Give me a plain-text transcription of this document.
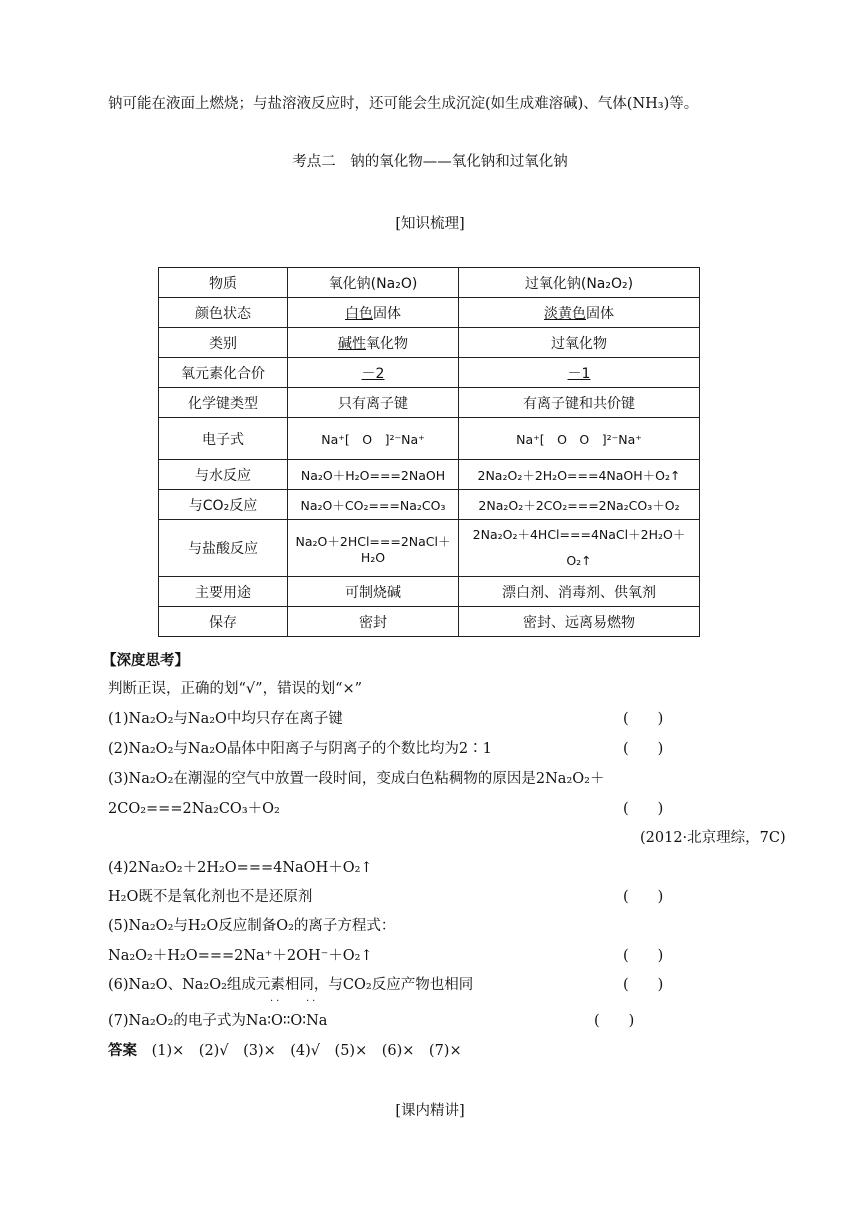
钠可能在液面上燃烧；与盐溶液反应时，还可能会生成沉淀(如生成难溶碱)、气体(NH₃)等。
考点二　钠的氧化物——氧化钠和过氧化钠
[知识梳理]
物质	氧化钠(Na₂O)	过氧化钠(Na₂O₂)
颜色状态	白色固体	淡黄色固体
类别	碱性氧化物	过氧化物
氧元素化合价	－2	－1
化学键类型	只有离子键	有离子键和共价键
电子式	Na⁺[　O　]²⁻Na⁺	Na⁺[　O　O　]²⁻Na⁺
与水反应	Na₂O＋H₂O===2NaOH	2Na₂O₂＋2H₂O===4NaOH＋O₂↑
与CO₂反应	Na₂O＋CO₂===Na₂CO₃	2Na₂O₂＋2CO₂===2Na₂CO₃＋O₂
与盐酸反应	Na₂O＋2HCl===2NaCl＋H₂O	2Na₂O₂＋4HCl===4NaCl＋2H₂O＋
O₂↑

主要用途	可制烧碱	漂白剂、消毒剂、供氧剂
保存	密封	密封、远离易燃物
【深度思考】
判断正误，正确的划“√”，错误的划“×”
(1)Na₂O₂与Na₂O中均只存在离子键	(　　)
(2)Na₂O₂与Na₂O晶体中阳离子与阴离子的个数比均为2∶1	(　　)
(3)Na₂O₂在潮湿的空气中放置一段时间，变成白色粘稠物的原因是2Na₂O₂＋
2CO₂===2Na₂CO₃＋O₂	(　　)
(2012·北京理综，7C)
(4)2Na₂O₂＋2H₂O===4NaOH＋O₂↑
H₂O既不是氧化剂也不是还原剂	(　　)
(5)Na₂O₂与H₂O反应制备O₂的离子方程式：
Na₂O₂＋H₂O===2Na⁺＋2OH⁻＋O₂↑	(　　)
(6)Na₂O、Na₂O₂组成元素相同，与CO₂反应产物也相同	(　　)
·· ··
(7)Na₂O₂的电子式为Na∶O∶∶O∶Na	(　　)
答案 (1)×　(2)√　(3)×　(4)√　(5)×　(6)×　(7)×
[课内精讲]
